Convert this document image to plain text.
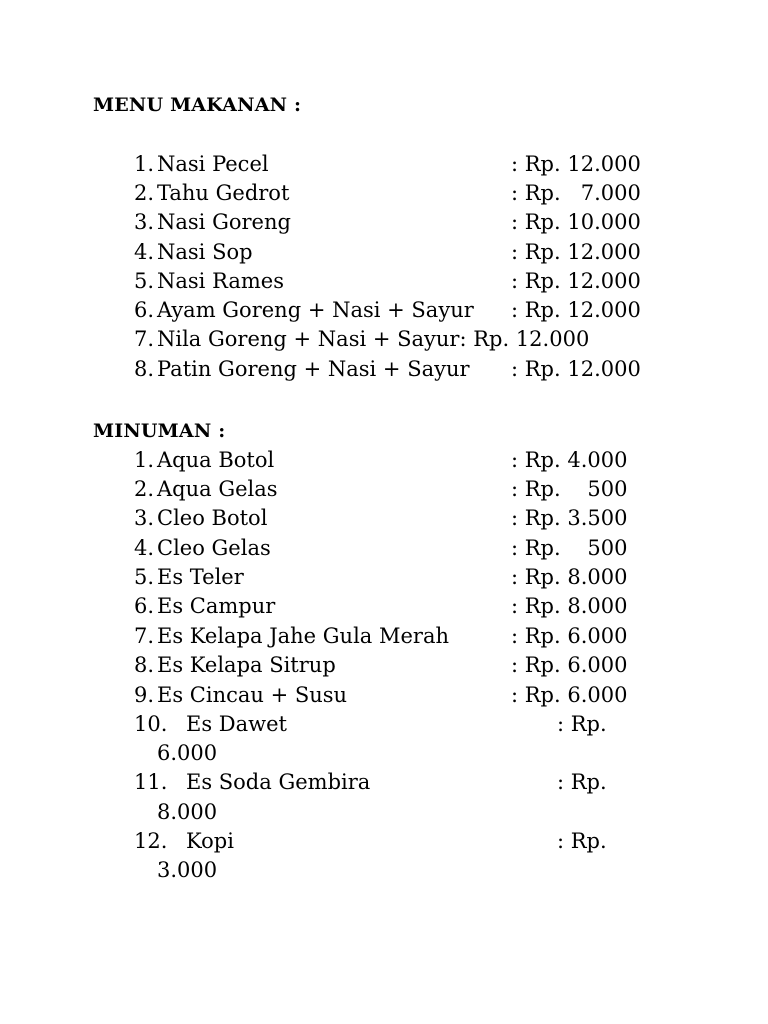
MENU MAKANAN :
1. Nasi Pecel	: Rp. 12.000
2. Tahu Gedrot	: Rp.   7.000
3. Nasi Goreng	: Rp. 10.000
4. Nasi Sop	: Rp. 12.000
5. Nasi Rames	: Rp. 12.000
6. Ayam Goreng + Nasi + Sayur : Rp. 12.000
7. Nila Goreng + Nasi + Sayur: Rp. 12.000
8. Patin Goreng + Nasi + Sayur : Rp. 12.000
MINUMAN :
1. Aqua Botol	: Rp. 4.000
2. Aqua Gelas	: Rp.    500
3. Cleo Botol	: Rp. 3.500
4. Cleo Gelas	: Rp.    500
5. Es Teler	: Rp. 8.000
6. Es Campur	: Rp. 8.000
7. Es Kelapa Jahe Gula Merah	: Rp. 6.000
8. Es Kelapa Sitrup	: Rp. 6.000
9. Es Cincau + Susu	: Rp. 6.000
10. Es Dawet	: Rp.
6.000
11. Es Soda Gembira	: Rp.
8.000
12. Kopi	: Rp.
3.000
